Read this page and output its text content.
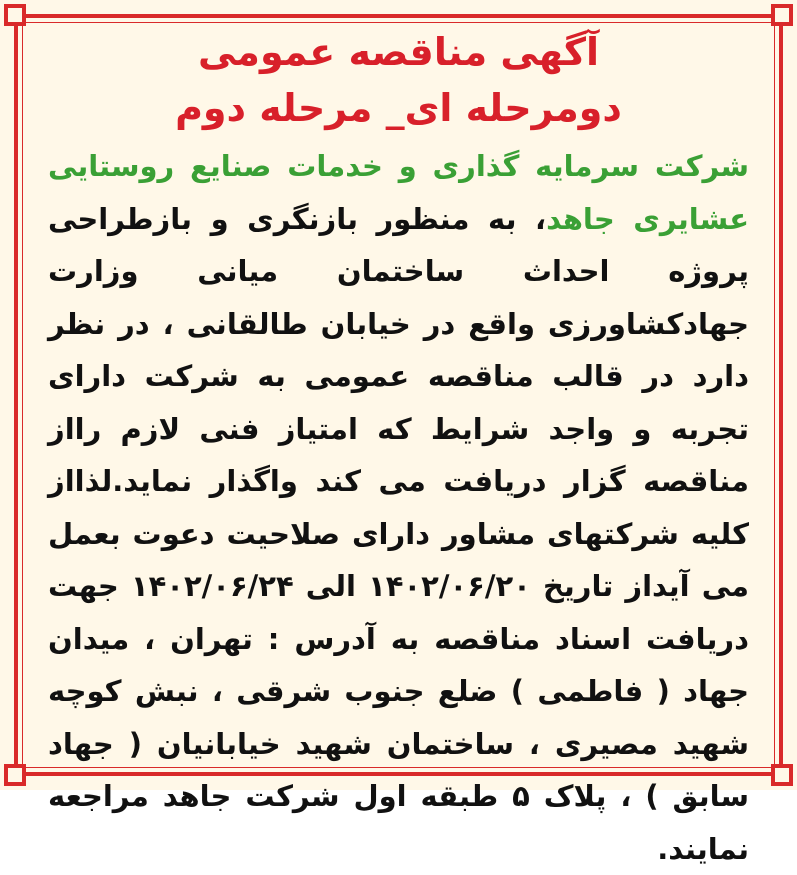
آگهی مناقصه عمومی
دومرحله ای_ مرحله دوم

شرکت سرمایه گذاری و خدمات صنایع روستایی عشایری جاهد، به منظور بازنگری و بازطراحی پروژه احداث ساختمان میانی وزارت جهادکشاورزی واقع در خیابان طالقانی ، در نظر دارد در قالب مناقصه عمومی به شرکت دارای تجربه و واجد شرایط که امتیاز فنی لازم رااز مناقصه گزار دریافت می کند واگذار نماید.لذااز کلیه شرکتهای مشاور دارای صلاحیت دعوت بعمل می آیداز تاریخ ۱۴۰۲/۰۶/۲۰ الی ۱۴۰۲/۰۶/۲۴ جهت دریافت اسناد مناقصه به آدرس : تهران ، میدان جهاد ( فاطمی ) ضلع جنوب شرقی ، نبش کوچه شهید مصیری ، ساختمان شهید خیابانیان ( جهاد سابق ) ، پلاک ۵ طبقه اول شرکت جاهد مراجعه نمایند.
